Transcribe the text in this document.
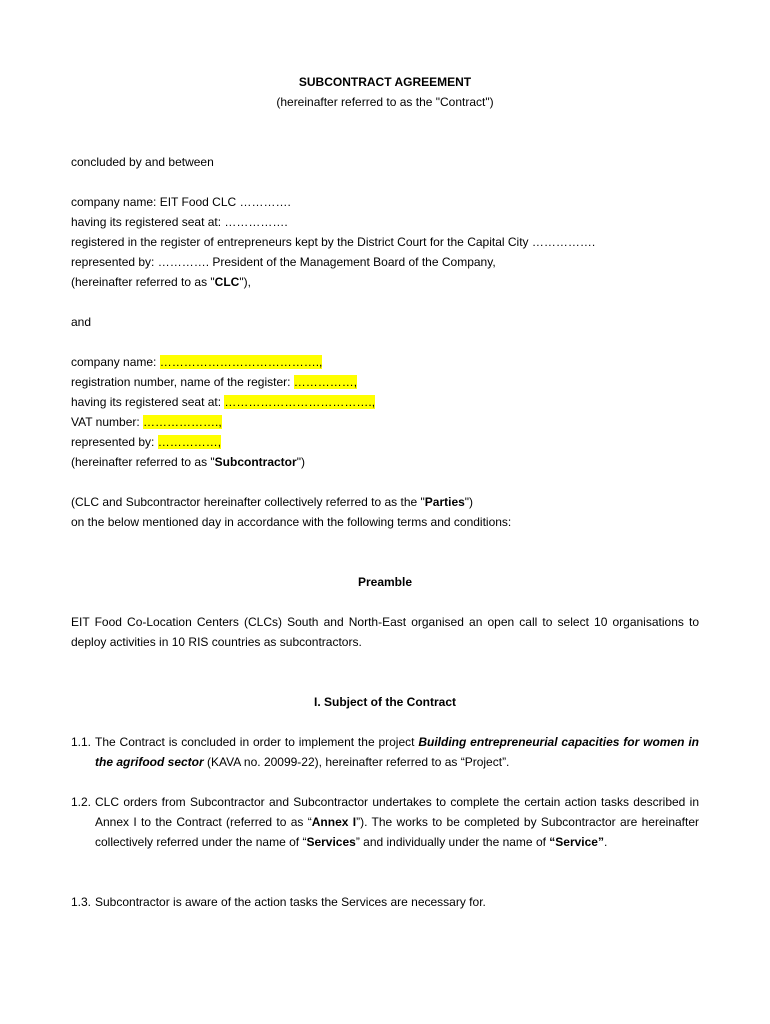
SUBCONTRACT AGREEMENT
(hereinafter referred to as the "Contract")
concluded by and between
company name: EIT Food CLC ………….
having its registered seat at: …………….
registered in the register of entrepreneurs kept by the District Court for the Capital City …………….
represented by: …………. President of the Management Board of the Company,
(hereinafter referred to as "CLC"),
and
company name: ………………………………….,
registration number, name of the register: ……………,
having its registered seat at: ……………………………….,
VAT number: ……………….,
represented by: ……………,
(hereinafter referred to as "Subcontractor")
(CLC and Subcontractor hereinafter collectively referred to as the "Parties")
on the below mentioned day in accordance with the following terms and conditions:
Preamble
EIT Food Co-Location Centers (CLCs) South and North-East organised an open call to select 10 organisations to deploy activities in 10 RIS countries as subcontractors.
I. Subject of the Contract
1.1. The Contract is concluded in order to implement the project Building entrepreneurial capacities for women in the agrifood sector (KAVA no. 20099-22), hereinafter referred to as “Project”.
1.2. CLC orders from Subcontractor and Subcontractor undertakes to complete the certain action tasks described in Annex I to the Contract (referred to as “Annex I”). The works to be completed by Subcontractor are hereinafter collectively referred under the name of “Services” and individually under the name of “Service”.
1.3. Subcontractor is aware of the action tasks the Services are necessary for.
